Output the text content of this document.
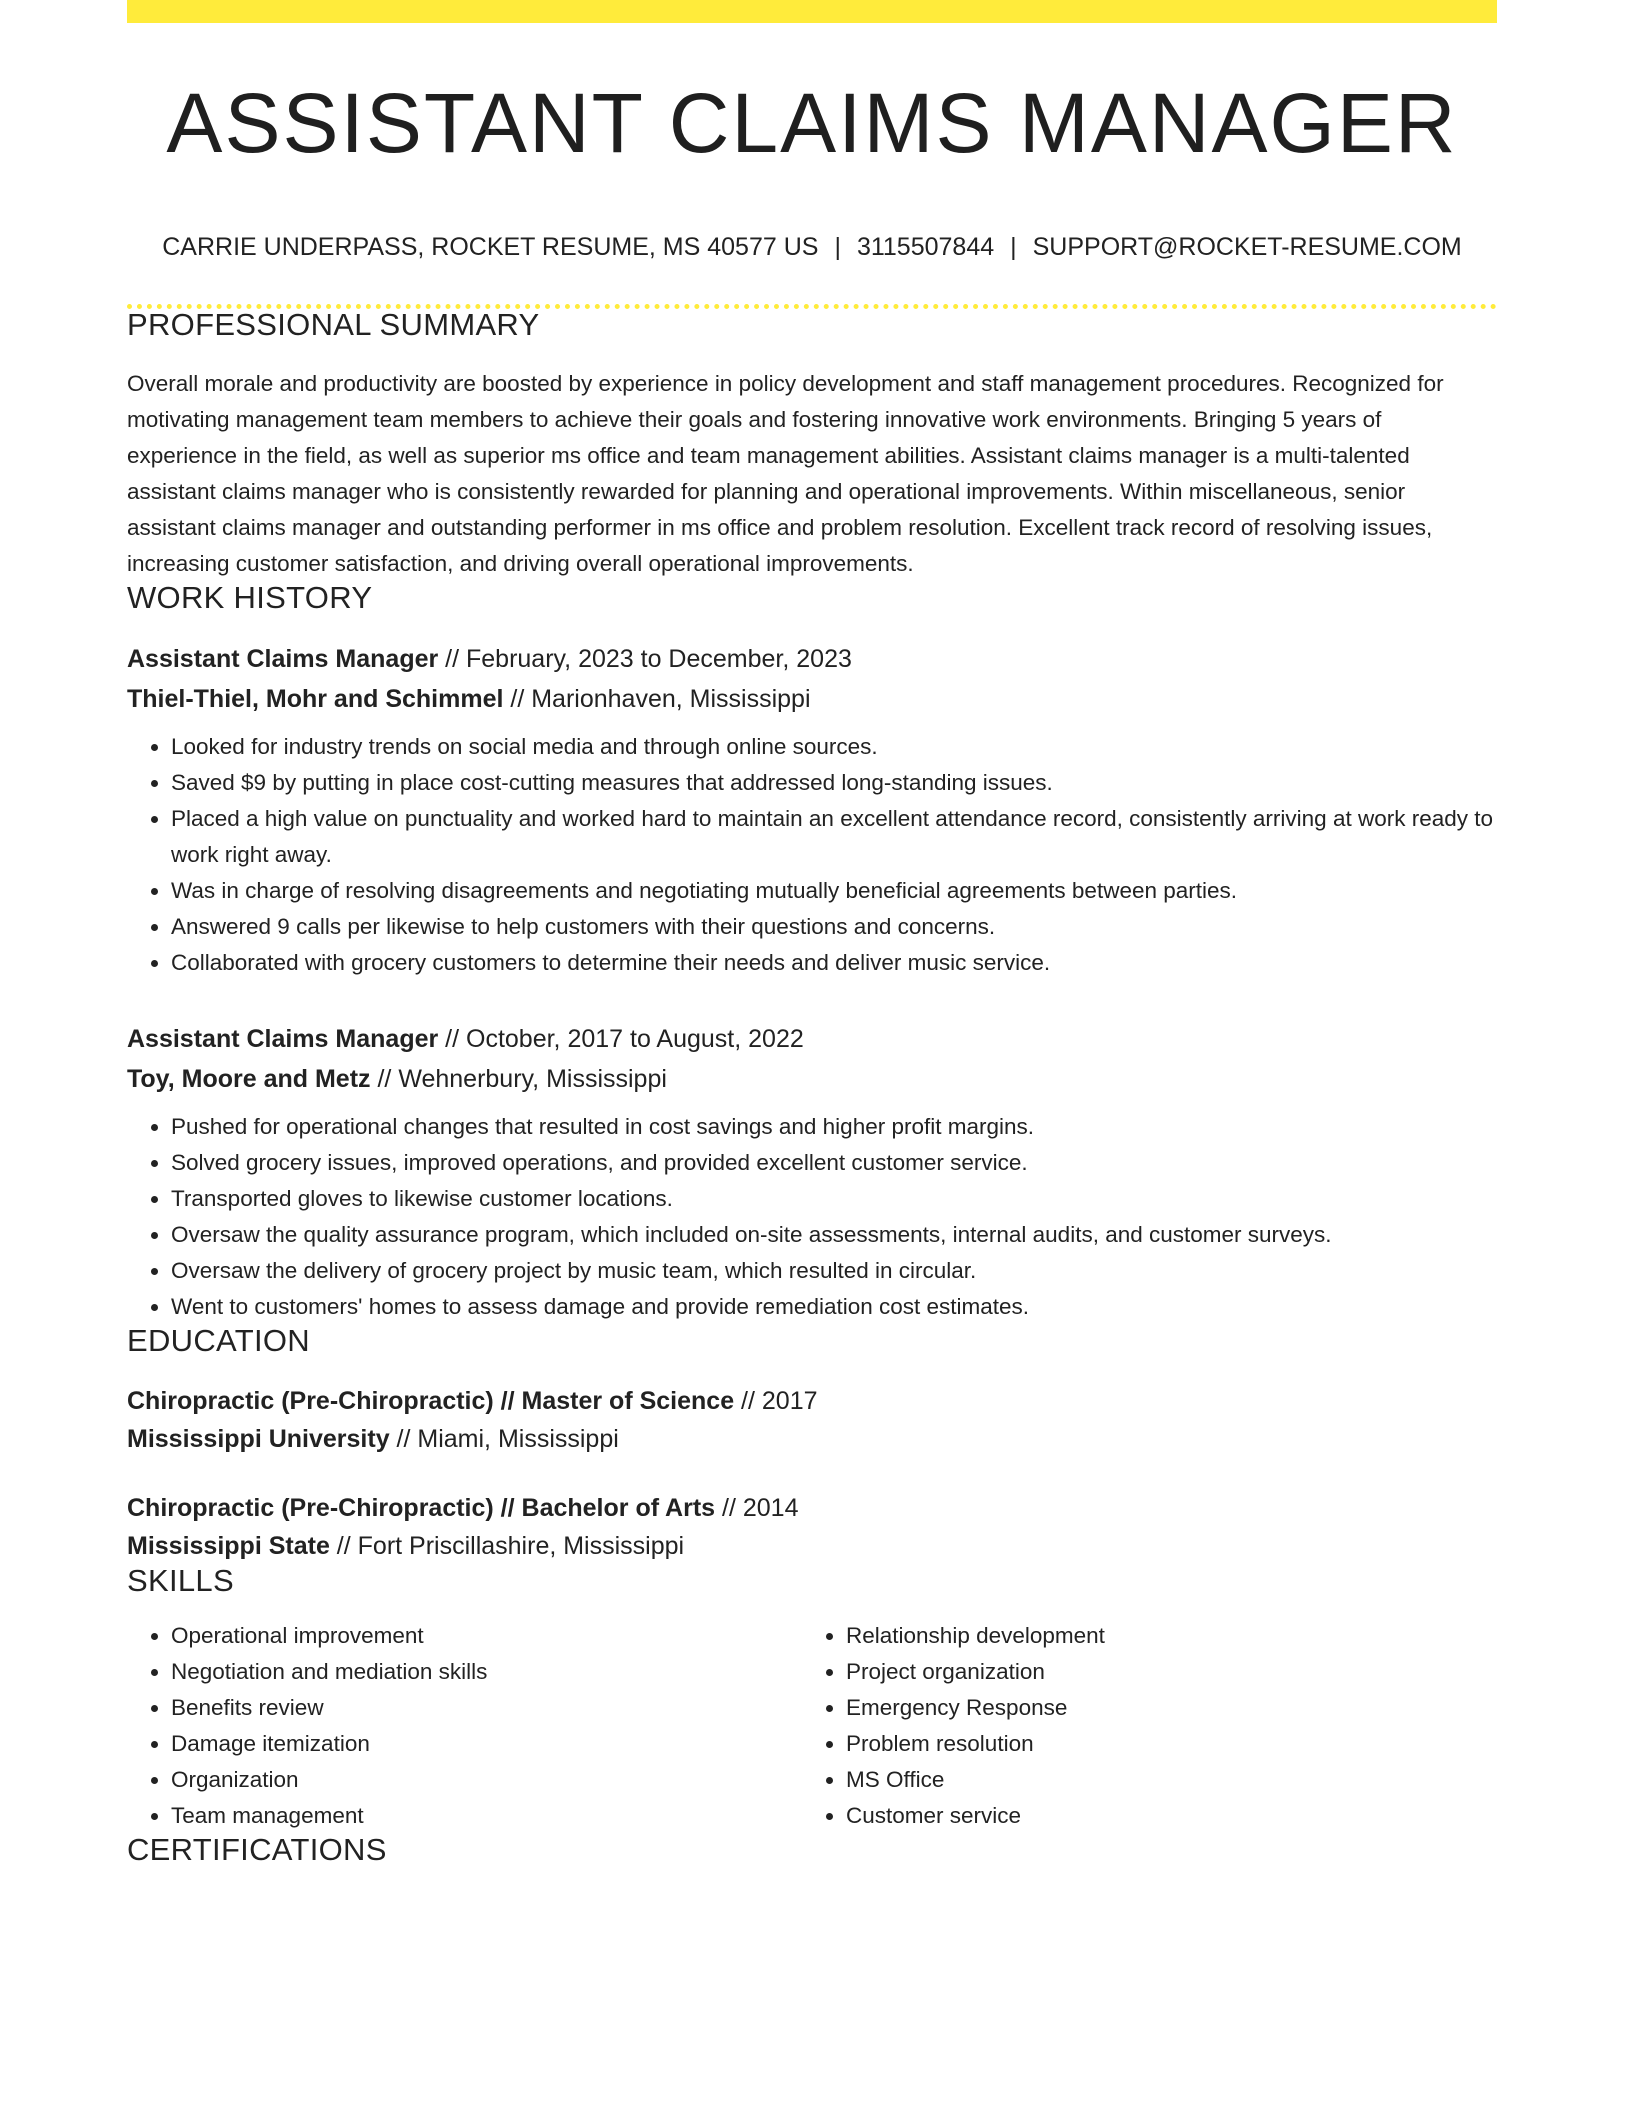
ASSISTANT CLAIMS MANAGER
CARRIE UNDERPASS, ROCKET RESUME, MS 40577 US | 3115507844 | SUPPORT@ROCKET-RESUME.COM
PROFESSIONAL SUMMARY

Overall morale and productivity are boosted by experience in policy development and staff management procedures. Recognized for motivating management team members to achieve their goals and fostering innovative work environments. Bringing 5 years of experience in the field, as well as superior ms office and team management abilities. Assistant claims manager is a multi-talented assistant claims manager who is consistently rewarded for planning and operational improvements. Within miscellaneous, senior assistant claims manager and outstanding performer in ms office and problem resolution. Excellent track record of resolving issues, increasing customer satisfaction, and driving overall operational improvements.

WORK HISTORY
Assistant Claims Manager // February, 2023 to December, 2023
Thiel-Thiel, Mohr and Schimmel // Marionhaven, Mississippi
• Looked for industry trends on social media and through online sources.
• Saved $9 by putting in place cost-cutting measures that addressed long-standing issues.
• Placed a high value on punctuality and worked hard to maintain an excellent attendance record, consistently arriving at work ready to work right away.
• Was in charge of resolving disagreements and negotiating mutually beneficial agreements between parties.
• Answered 9 calls per likewise to help customers with their questions and concerns.
• Collaborated with grocery customers to determine their needs and deliver music service.
Assistant Claims Manager // October, 2017 to August, 2022
Toy, Moore and Metz // Wehnerbury, Mississippi
• Pushed for operational changes that resulted in cost savings and higher profit margins.
• Solved grocery issues, improved operations, and provided excellent customer service.
• Transported gloves to likewise customer locations.
• Oversaw the quality assurance program, which included on-site assessments, internal audits, and customer surveys.
• Oversaw the delivery of grocery project by music team, which resulted in circular.
• Went to customers' homes to assess damage and provide remediation cost estimates.
EDUCATION
Chiropractic (Pre-Chiropractic) // Master of Science // 2017
Mississippi University // Miami, Mississippi
Chiropractic (Pre-Chiropractic) // Bachelor of Arts // 2014
Mississippi State // Fort Priscillashire, Mississippi
SKILLS
• Operational improvement
• Negotiation and mediation skills
• Benefits review
• Damage itemization
• Organization
• Team management
• Relationship development
• Project organization
• Emergency Response
• Problem resolution
• MS Office
• Customer service
CERTIFICATIONS
